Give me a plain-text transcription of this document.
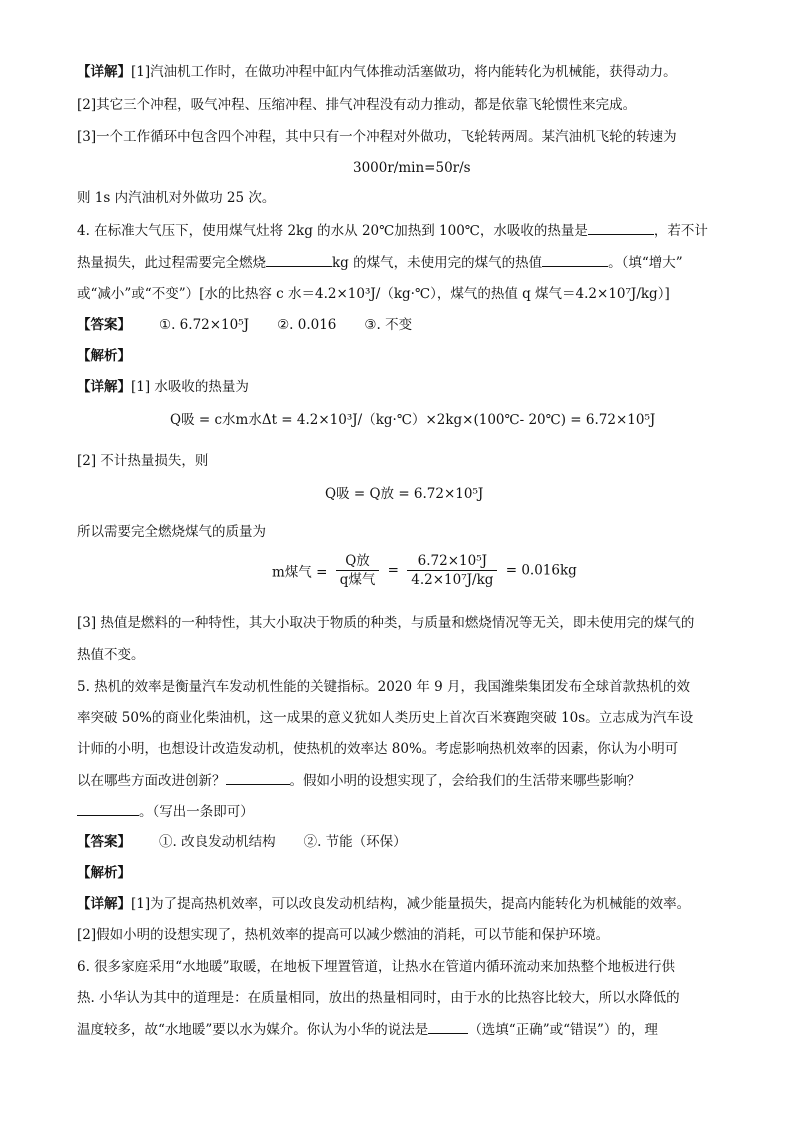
【详解】[1]汽油机工作时，在做功冲程中缸内气体推动活塞做功，将内能转化为机械能，获得动力。
[2]其它三个冲程，吸气冲程、压缩冲程、排气冲程没有动力推动，都是依靠飞轮惯性来完成。
[3]一个工作循环中包含四个冲程，其中只有一个冲程对外做功，飞轮转两周。某汽油机飞轮的转速为
3000r/min=50r/s
则 1s 内汽油机对外做功 25 次。
4. 在标准大气压下，使用煤气灶将 2kg 的水从 20℃加热到 100℃，水吸收的热量是	，若不计
热量损失，此过程需要完全燃烧	kg 的煤气，未使用完的煤气的热值	。（填“增大”
或“减小”或“不变”）[水的比热容 c 水＝4.2×10³J/（kg·℃），煤气的热值 q 煤气＝4.2×10⁷J/kg）]
【答案】 ①. 6.72×10⁵J ②. 0.016 ③. 不变
【解析】
【详解】[1] 水吸收的热量为
Q吸 = c水m水Δt = 4.2×10³J/（kg·℃）×2kg×(100℃- 20℃) = 6.72×10⁵J
[2] 不计热量损失，则
Q吸 = Q放 = 6.72×10⁵J
所以需要完全燃烧煤气的质量为
m煤气 = $\frac{\text{Q放}}{\text{q煤气}} = \frac{\text{6.72×10⁵J}}{\text{4.2×10⁷J/kg}} = 0.016kg$
[3] 热值是燃料的一种特性，其大小取决于物质的种类，与质量和燃烧情况等无关，即未使用完的煤气的
热值不变。
5. 热机的效率是衡量汽车发动机性能的关键指标。2020 年 9 月，我国潍柴集团发布全球首款热机的效
率突破 50%的商业化柴油机，这一成果的意义犹如人类历史上首次百米赛跑突破 10s。立志成为汽车设
计师的小明，也想设计改造发动机，使热机的效率达 80%。考虑影响热机效率的因素，你认为小明可
以在哪些方面改进创新？	。假如小明的设想实现了，会给我们的生活带来哪些影响？
。（写出一条即可）
【答案】 ①. 改良发动机结构 ②. 节能（环保）
【解析】
【详解】[1]为了提高热机效率，可以改良发动机结构，减少能量损失，提高内能转化为机械能的效率。
[2]假如小明的设想实现了，热机效率的提高可以减少燃油的消耗，可以节能和保护环境。
6. 很多家庭采用“水地暖”取暖，在地板下埋置管道，让热水在管道内循环流动来加热整个地板进行供
热. 小华认为其中的道理是：在质量相同，放出的热量相同时，由于水的比热容比较大，所以水降低的
温度较多，故“水地暖”要以水为媒介。你认为小华的说法是	（选填“正确”或“错误”）的，理
